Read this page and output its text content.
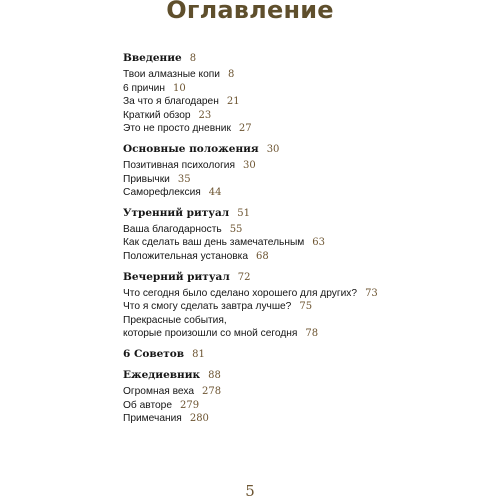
Оглавление
Введение 8
Твои алмазные копи 8
6 причин 10
За что я благодарен 21
Краткий обзор 23
Это не просто дневник 27
Основные положения 30
Позитивная психология 30
Привычки 35
Саморефлексия 44
Утренний ритуал 51
Ваша благодарность 55
Как сделать ваш день замечательным 63
Положительная установка 68
Вечерний ритуал 72
Что сегодня было сделано хорошего для других? 73
Что я смогу сделать завтра лучше? 75
Прекрасные события,
которые произошли со мной сегодня 78
6 Советов 81
Ежедиевник 88
Огромная веха 278
Об авторе 279
Примечания 280
5
